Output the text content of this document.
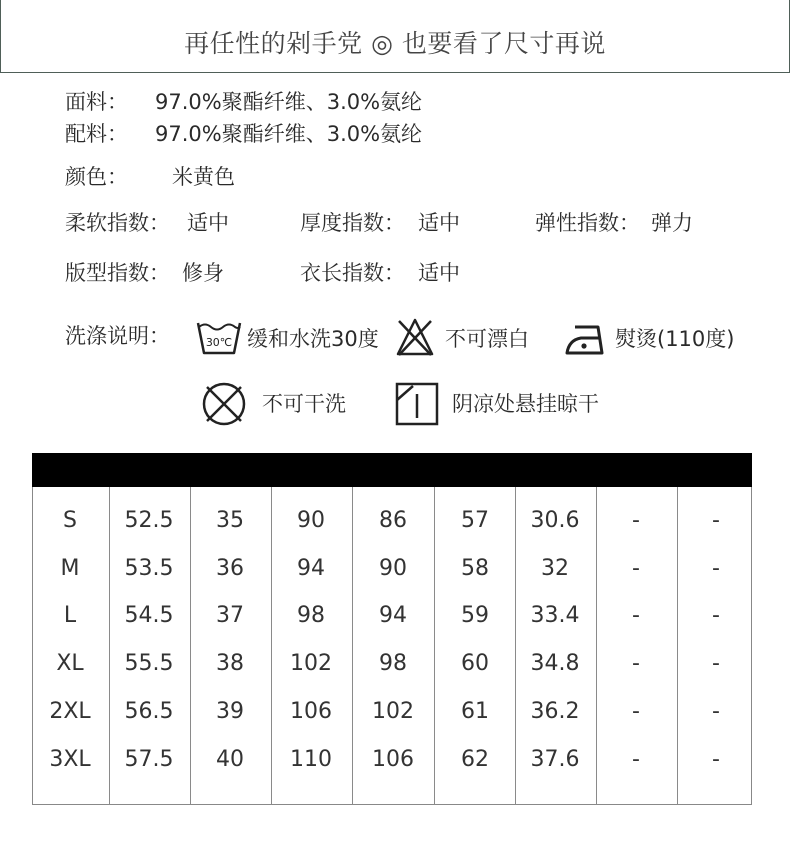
再任性的剁手党 ◎ 也要看了尺寸再说
面料： 97.0%聚酯纤维、3.0%氨纶
配料： 97.0%聚酯纤维、3.0%氨纶
颜色： 米黄色
柔软指数： 适中	厚度指数： 适中	弹性指数： 弹力
版型指数： 修身	衣长指数： 适中
洗涤说明：	30℃ 缓和水洗30度	不可漂白	熨烫(110度)
不可干洗	阴凉处悬挂晾干
尺码 后中长 肩宽 胸围 腰围 袖长 袖肥	–	–
S	52.5	35	90	86	57	30.6	-	-
M	53.5	36	94	90	58	32	-	-
L	54.5	37	98	94	59	33.4	-	-
XL	55.5	38	102	98	60	34.8	-	-
2XL	56.5	39	106	102	61	36.2	-	-
3XL	57.5	40	110	106	62	37.6	-	-
